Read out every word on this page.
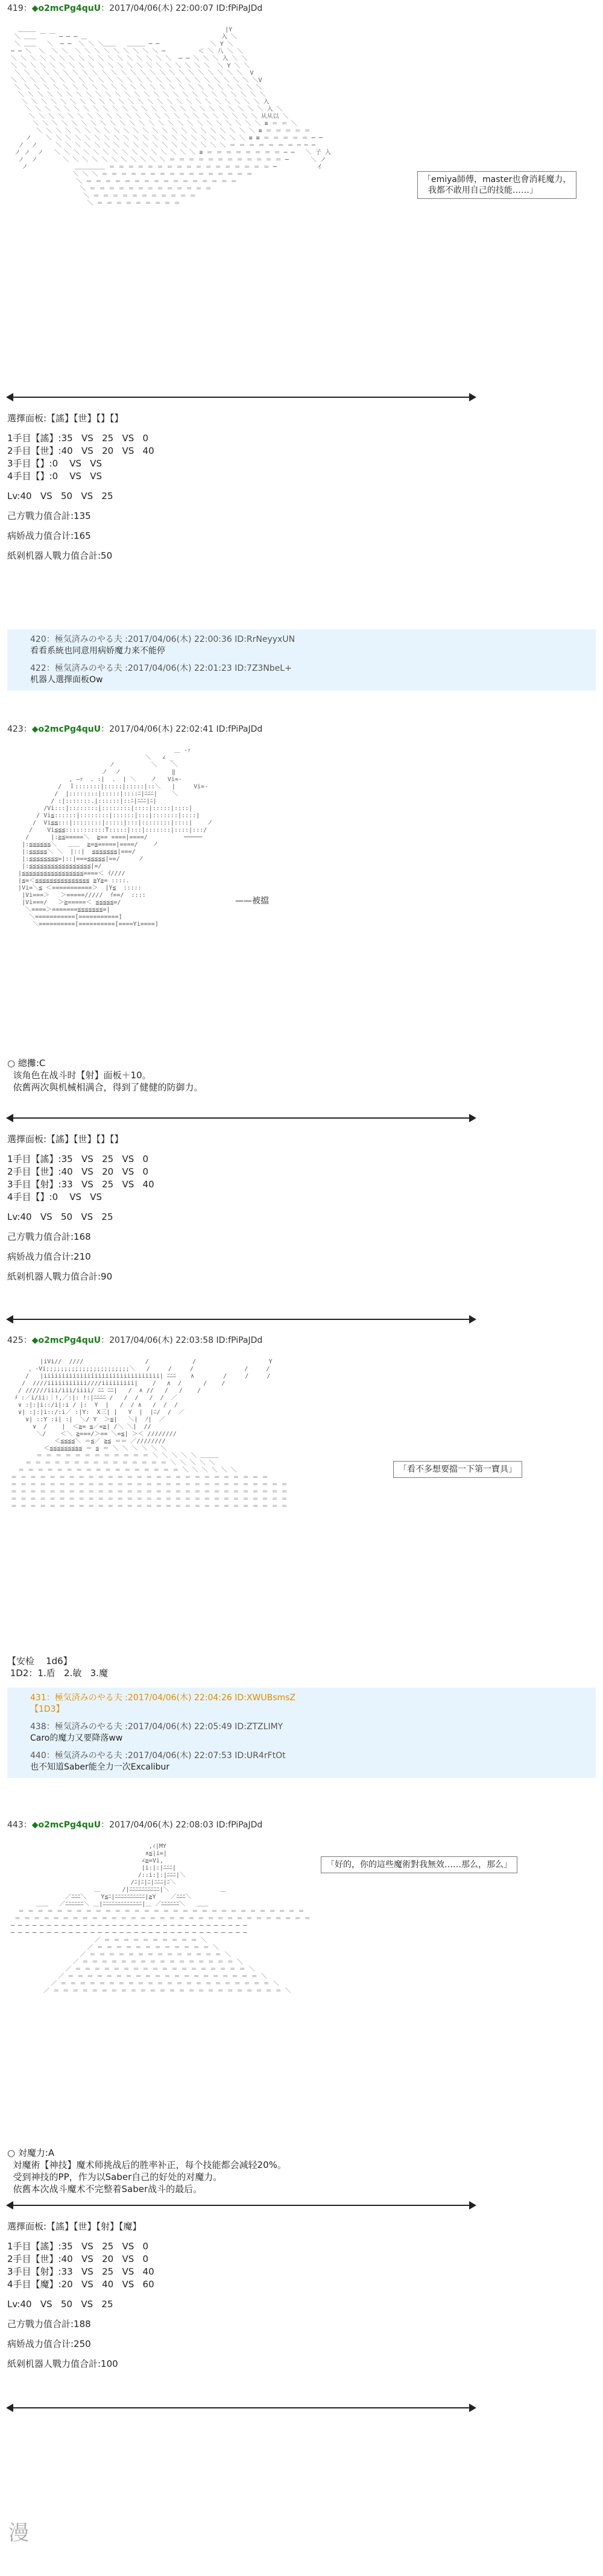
419：◆o2mcPg4quU：2017/04/06(木) 22:00:07 ID:fPiPaJDd

＿＿＿                                                    |Y
＼ ＿＿ ￣ ￣ ─ ─ ─ ＿                                     入 ＼
＼ ＿＿   ＼  ─ ─  ＼ ＼ ＼＿＿   ＿＿＿ ─ ─              ＼ Y ＼
─ ─ ＼  ＼  ＼ ＼  ＼ ＼ ＼ ＼ ＼ ＼ ＼ ＼ ＼ ─         ＜ ＼ 八 ＼ ＼
＼ ＼ ＼ ＼ ＼ ＼ ＼ ＼ ＼ ＼ ＼ ＼ ＼ ＼ ＼ ＼ ＼  ─ ─ ＼ ＼ ＼ 入 ＼ ＼
＼ ＼ ＼ ＼ ＼ ＼ ＼ ＼ ＼ ＼ ＼ ＼ ＼ ＼ ＼ ＼ ＼ ＼ ＼ ＼ ＼  ＼ Y ＼ ＼
＼ ＼ ＼ ＼ ＼ ＼ ＼ ＼ ＼ ＼ ＼ ＼ ＼ ＼ ＼ ＼ ＼ ＼ ＼ ＼ ＼ ＼ ＼ ＼  V
＼ ＼ ＼ ＼ ＼ ＼ ＼ ＼ ＼ ＼ ＼ ＼ ＼ ＼ ＼ ＼ ＼ ＼ ＼ ＼ ＼ ＼ ＼ ＼ ＼ ＼V
＼ ＼ ＼ ＼ ＼ ＼ ＼ ＼ ＼ ＼ ＼ ＼ ＼ ＼ ＼ ＼ ＼ ＼ ＼ ＼ ＼ ＼ ＼ ＼ ＼ ＼
＼ ＼ ＼ ＼ ＼ ＼ ＼ ＼ ＼ ＼ ＼ ＼ ＼ ＼ ＼ ＼ ＼ ＼ ＼ ＼ ＼ ＼ ＼ ＼ ＼ ＼
＼ ＼ ＼ ＼ ＼ ＼ ＼ ＼ ＼ ＼ ＼ ＼ ＼ ＼ ＼ ＼ ＼ ＼ ＼ ＼ ＼ ＼ ＼ ＼ ＼ 入
＼ ＼ ＼ ＼ ＼ ＼ ＼ ＼ ＼ ＼ ＼ ＼ ＼ ＼ ＼ ＼ ＼ ＼ ＼ ＼ ＼ ＼ ＼ ＼ ＼ 入 ＼
＼ ＼ ＼ ＼ ＼ ＼ ＼ ＼ ＼ ＼ ＼ ＼ ＼ ＼ ＼ ＼ ＼ ＼ ＼ ＼ ＼ ＼ ＼ ＼ 从从以 ＼
＼ ＼ ＼ ＼ ＼ ＼ ＼ ＼ ＼ ＼ ＼ ＼ ＼ ＼ ＼ ＼ ＼ ＼ ＼ ＼ ＼ ＼ ＼ ＼ ≡ ＝ ＝ ＼
＼ ＼ ＼ ＼ ＼ ＼ ＼ ＼ ＼ ＼ ＼ ＼ ＼ ＼ ＼ ＼ ＼ ＼ ＼ ＼ ＼ ＼ ＼ ≡ ＝ ＝ ＝ ＝ ＝
ノ    ＼ ＼ ＼ ＼ ＼ ＼ ＼ ＼ ＼ ＼ ＼ ＼ ＼ ＼ ＼ ＼ ＼ ＼ ＼ ＼ ＼ ≡ ≡ ＝ ＝ ＝ ＝ ＝ ─ ─
ノ  ノ     ＼ ＼ ＼ ＼ ＼ ＼ ＼ ＼ ＼ ＼ ＼ ＼ ＼ ＼ ＼ ＼ ＼ ＼ ＝ ＝ ＝ ＝ ＝ ＝ ＝ ─ ─ ─
ノ ノ  ノ   ＼ ＼ ＼ ＼ ＼ ＼ ＼ ＼ ＼ ＼ ＼ ＼ ＼ ＼ ＼ ≡ ＝ ＝ ＝ ＝ ＝ ＝ ＝ ＝ ─ ─   ＼ 子 入
ノ  ノ       ＼ ＼ ＼ ＼ ＼ ＼ ＼ ＼ ＼ ＼ ＼ ＝ ＝ ＝ ＝ ＝ ＝ ＝ ＝ ＝ ＝ ＝ ＝ ─      ＼ ノ
ノ             ＿＿＿＿＿ ＝ ＝ ＝ ＝ ＝ ＝ ＝ ＝ ＝ ＝ ＝ ＝ ＝ ＝ ＝ ＝ ＝ ─           イ
＼ ＼ ＼ ＝ ＝ ＝ ＝ ＝ ＝ ＝ ＝ ＝ ＝ ＝ ＝ ＝ ＝ ＝ ＝
＼ ＝ ＝ ＝ ＝ ＝ ＝ ＝ ＝ ＝ ＝ ＝ ＝ ＝ ＝ ＝ ＝
＼ ＝ ＝ ＝ ＝ ＝ ＝ ＝ ＝ ＝ ＝ ＝ ＝ ＝
＼ ＝ ＝ ＝ ＝ ＝ ＝ ＝ ＝ ＝ ＝ ＝
＼ ＝ ＝ ＝ ＝ ＝ ＝ ＝ ＝ ＝

「emiya師傅，master也會消耗魔力，
我都不敢用自己的技能……」
選擇面板:【謠】【世】【】【】
1手目【謠】:35   VS   25   VS   0
2手目【世】:40   VS   20   VS   40
3手目【】:0    VS   VS
4手目【】:0    VS   VS
Lv:40   VS   50   VS   25
己方戰力值合計:135
病娇战力值合计:165
紙剁机器人戰力值合計:50
420：極気済みのやる夫 :2017/04/06(木) 22:00:36 ID:RrNeyyxUN
看看系統也同意用病娇魔力来不能停
422：極気済みのやる夫 :2017/04/06(木) 22:01:23 ID:7Z3NbeL+
机器人選擇面板Ow
423：◆o2mcPg4quU：2017/04/06(木) 22:02:41 ID:fPiPaJDd

＿ -ｧ
＼   ∠ _
ノ          ＼    ＼
ノ  ノ              ‖
, ―ｧ  . :|  .  | ＼    ノ   Vi=‐
/  ｌ:::::::|:::::|:::::|::＼   |     Vi=‐
/  |::::::::|:::::|::::ﾆ|ﾆﾆﾆ|    ＼
/ :|:::::::.|::::::|::ﾆ|ﾆﾆﾆ|ﾆ|
/Vi:::|::::::::|::::::::|::::|:::::|::::|
/ Vi≦::::::|::::::::|::::::|:::|:::::::|::::|
/  Vi≦≦:::|::::::::|:::::|:::|::::::::|::::|    ノ
/    Vi≦≦≦:::::::::::T:::::|:::|:::::::|::::|:::/
/      |:≧≦=====＼  ≧== ====|====/          ─────
|:≦≦≦≦≦≦＼   ＿＿  ≧=≦=====|====/    ノ
|:≦≦≦≦≦＼ ＼  |::|  ≦≦≦≦≦≦≦|===/
|:≦≦≦≦≦≦≦≦=|::|===≦≦≦≦≦|==/     ノ
|:≦≦≦≦≦≦≦≦≦≦≦≦≦≦≦≦≦|=/
|≦≦≦≦≦≦≦≦≦≦≦≦≦≦≦≦≦====＜ ｲ////
|≦=＜≦≦≦≦≦≦≦≦≦≦≦≦≦≦≦ ≧Y≧= ::::.
|Vi=＼≦ ＜===========＞  |Y≦  :::::
|Vi===＞   ＞=====/////  ｲ==/  ::::
|Vi===/   ＞≧=====＜ ≦≦≦≦≦=/
＼====＞=======≦≦≦≦≦≦≦=|
＼===========[===========]
＼==========[==========[====Yi====]

——被擋
○ 總攤:C
该角色在战斗时【射】面板＋10。
依舊两次與机械相满合，得到了健健的防御力。
選擇面板:【謠】【世】【】【】
1手目【謠】:35   VS   25   VS   0
2手目【世】:40   VS   20   VS   0
3手目【射】:33   VS   25   VS   40
4手目【】:0    VS   VS
Lv:40   VS   50   VS   25
己方戰力值合計:168
病娇战力值合计:210
紙剁机器人戰力值合計:90
425：◆o2mcPg4quU：2017/04/06(木) 22:03:58 ID:fPiPaJDd

|iVi//  ////                 /            /                    Y
，-Vi;;;;;;;;;;;;;;;;;;;;;;;＼   /     /     /              /     /
/   |iiiiiiiiiiiiiiiiiiiiiiiiiiiiiiii| ﾆﾆﾆ    ∧        /     /     /
/  ////iiiiiiiiiii////iiiiiiiii|    /   ∧  /      /    /
/ //////iii/iii/iiii/ ﾆﾆ ﾆﾆ|   /  ∧ //   /   /    /
ﾒ :／i/ii:｜!,／:|: !:|ﾆﾆﾆﾆ /   /  /   /  /  ／
∨ :|:|i::/i|:i / |:  Y  |   /  / ∧   /  /  /
∨| :|:|i::/:i／ :|Y:  X三| |   Y  |  |ﾆ/  /  ／
∨| ::Y :i| :|  ＼/ Y  ＞≦|   ＼|  ﾉ|  ／
∨  /    |  ＜≧= ≦／=≧| /＼ ＼|  //
＼/    ＜＼ ≧===/＞== ＼=≦| ＞＜ ////////
＜≦≦≦≦＼ ＝≦／ ≧≦ ＝＝ ／////////
＜≦≦≦≦≦≦≦≦≦ ＝ ≦ ＝ ＼ ＼ ＼ ＼ ＼ ＼
＝ ＝ ＝ ＝ ＝ ＝ ＝ ＝ ＝ ＝ ＝ ＝ ＼ ＼ ＼ ＼ ＼ ＿＿＿
＝ ＝ ＝ ＝ ＝ ＝ ＝ ＝ ＝ ＝ ＝ ＝ ＝ ＝ ＝ ＼ ＼ ＼ ＼ ＼
＝ ＝ ＝ ＝ ＝ ＝ ＝ ＝ ＝ ＝ ＝ ＝ ＝ ＝ ＝ ＝ ＝ ＼ ＼ ＼ ＼ ＼ ＼
＝ ＝ ＝ ＝ ＝ ＝ ＝ ＝ ＝ ＝ ＝ ＝ ＝ ＝ ＝ ＝ ＝ ＝ ＝ ＝ ＝ ＝ ＝ ＝ ＝ ＝ ＝
＝ ＝ ＝ ＝ ＝ ＝ ＝ ＝ ＝ ＝ ＝ ＝ ＝ ＝ ＝ ＝ ＝ ＝ ＝ ＝ ＝ ＝ ＝ ＝ ＝ ＝ ＝ ＝ ＝
＝ ＝ ＝ ＝ ＝ ＝ ＝ ＝ ＝ ＝ ＝ ＝ ＝ ＝ ＝ ＝ ＝ ＝ ＝ ＝ ＝ ＝ ＝ ＝ ＝ ＝ ＝ ＝ ＝
＝ ＝ ＝ ＝ ＝ ＝ ＝ ＝ ＝ ＝ ＝ ＝ ＝ ＝ ＝ ＝ ＝ ＝ ＝ ＝ ＝ ＝ ＝ ＝ ＝ ＝ ＝ ＝ ＝
＝ ＝ ＝ ＝ ＝ ＝ ＝ ＝ ＝ ＝ ＝ ＝ ＝ ＝ ＝ ＝ ＝ ＝ ＝ ＝ ＝ ＝ ＝ ＝ ＝ ＝ ＝ ＝ ＝

「看不多想要擋一下第一寶具」
【安检    1d6】
1D2：1.盾   2.敏   3.魔
431：極気済みのやる夫 :2017/04/06(木) 22:04:26 ID:XWUBsmsZ
【1D3】
438：極気済みのやる夫 :2017/04/06(木) 22:05:49 ID:ZTZLIMY
Caro的魔力又要降落ww
440：極気済みのやる夫 :2017/04/06(木) 22:07:53 ID:UR4rFtOt
也不知道Saber能全力一次Excalibur
443：◆o2mcPg4quU：2017/04/06(木) 22:08:03 ID:fPiPaJDd

,ｨ|MY
∧≦|i=|
∠≧=Vi,
|i:|:|ﾆﾆﾆ|
/::i:|:|ﾆﾆﾆ|＼
/ﾆ|ﾆ|ﾆ|ﾆﾆﾆ|ﾆ＼
＿      /|ﾆﾆﾆﾆﾆﾆﾆﾆﾆﾆ|＼              ＿
／ﾆﾆﾆ＼    Y≦ﾆ|ﾆﾆﾆﾆﾆﾆﾆﾆﾆﾆ|≧Y    ／ﾆﾆﾆ＼
＿＿   ／ﾆﾆﾆﾆﾆﾆ＼ ＿|ﾆﾆﾆﾆﾆﾆﾆﾆﾆﾆﾆﾆﾆ|＿ ／ﾆﾆﾆﾆﾆﾆ＼   ＿＿
＝ ＝ ＝ ＝ ＝ ＝ ＝ ＝ ＝ ＝ ＝ ＝ ＝ ＝ ＝ ＝ ＝ ＝ ＝ ＝ ＝ ＝ ＝ ＝ ＝ ＝ ＝ ＝ ＝ ＝
＝ ＝ ＝ ＝ ＝ ＝ ＝ ＝ ＝ ＝ ＝ ＝ ＝ ＝ ＝ ＝ ＝ ＝ ＝ ＝ ＝ ＝ ＝ ＝ ＝ ＝ ＝ ＝ ＝ ＝ ＝
─ ─ ─ ─ ─ ─ ─ ─ ─ ─ ─ ─ ─ ─ ─ ─ ─ ─ ─ ─ ─ ─ ─ ─ ─ ─ ─ ─ ─ ─ ─ ─ ─
─ ─ ─ ─ ─ ─ ─ ─ ─ ─ ─ ─ ─ ─ ─ ─ ─ ─ ─ ─ ─ ─ ─ ─ ─ ─ ─ ─ ─ ─ ─ ─ ─
／ ＝ ＝ ＝ ＝ ＝ ＝ ＝ ＝ ＝ ＝ ＼
／ ＝ ＝ ＝ ＝ ＝ ＝ ＝ ＝ ＝ ＝ ＝ ＝ ＼
／ ＝ ＝ ＝ ＝ ＝ ＝ ＝ ＝ ＝ ＝ ＝ ＝ ＝ ＝ ＼
／ ＝ ＝ ＝ ＝ ＝ ＝ ＝ ＝ ＝ ＝ ＝ ＝ ＝ ＝ ＝ ＝ ＼
／ ＝ ＝ ＝ ＝ ＝ ＝ ＝ ＝ ＝ ＝ ＝ ＝ ＝ ＝ ＝ ＝ ＝ ＝ ＼
／ ＝ ＝ ＝ ＝ ＝ ＝ ＝ ＝ ＝ ＝ ＝ ＝ ＝ ＝ ＝ ＝ ＝ ＝ ＝ ＝ ＼
／ ＝ ＝ ＝ ＝ ＝ ＝ ＝ ＝ ＝ ＝ ＝ ＝ ＝ ＝ ＝ ＝ ＝ ＝ ＝ ＝ ＝ ＝ ＼
／ ＝ ＝ ＝ ＝ ＝ ＝ ＝ ＝ ＝ ＝ ＝ ＝ ＝ ＝ ＝ ＝ ＝ ＝ ＝ ＝ ＝ ＝ ＝ ＝ ＼

「好的，你的這些魔術對我無效……那么，那么」
○ 対魔力:A
対魔術【神技】魔术师挑战后的胜率补正，每个技能都会减轻20%。
受到神技的PP，作为以Saber自己的好处的对魔力。
依舊本次战斗魔术不完整着Saber战斗的最后。
選擇面板:【謠】【世】【射】【魔】
1手目【謠】:35   VS   25   VS   0
2手目【世】:40   VS   20   VS   0
3手目【射】:33   VS   25   VS   40
4手目【魔】:20   VS   40   VS   60
Lv:40   VS   50   VS   25
己方戰力值合計:188
病娇战力值合计:250
紙剁机器人戰力值合計:100
漫
